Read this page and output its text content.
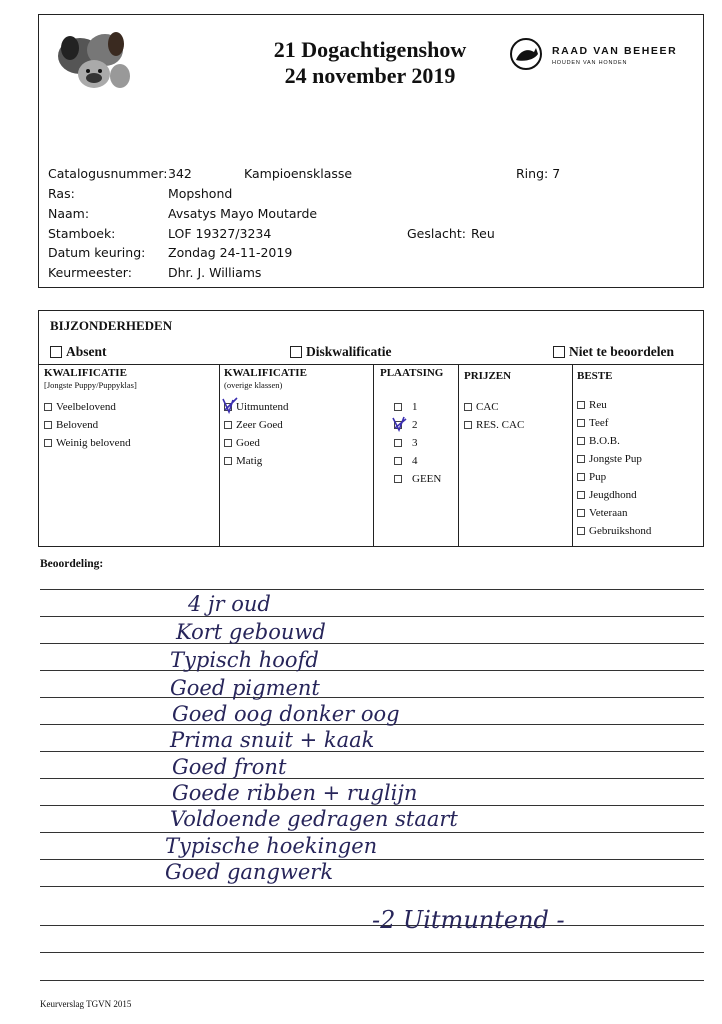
21 Dogachtigenshow
24 november 2019
RAAD VAN BEHEER
HOUDEN VAN HONDEN
Catalogusnummer: 342	Kampioensklasse	Ring: 7
Ras:	Mopshond
Naam:	Avsatys Mayo Moutarde
Stamboek:	LOF 19327/3234	Geslacht: Reu
Datum keuring: Zondag 24-11-2019
Keurmeester:	Dhr. J. Williams
BIJZONDERHEDEN
Absent	Diskwalificatie	Niet te beoordelen
KWALIFICATIE
[Jongste Puppy/Puppyklas]
Veelbelovend
Belovend
Weinig belovend
KWALIFICATIE
(overige klassen)
Uitmuntend
Zeer Goed
Goed
Matig
PLAATSING
1
2
3
4
GEEN
PRIJZEN
CAC
RES. CAC
BESTE
Reu
Teef
B.O.B.
Jongste Pup
Pup
Jeugdhond
Veteraan
Gebruikshond
Beoordeling:
4 jr oud
Kort gebouwd
Typisch hoofd
Goed pigment
Goed oog donker oog
Prima snuit + kaak
Goed front
Goede ribben + ruglijn
Voldoende gedragen staart
Typische hoekingen
Goed gangwerk
-2 Uitmuntend -
Keurverslag TGVN 2015
